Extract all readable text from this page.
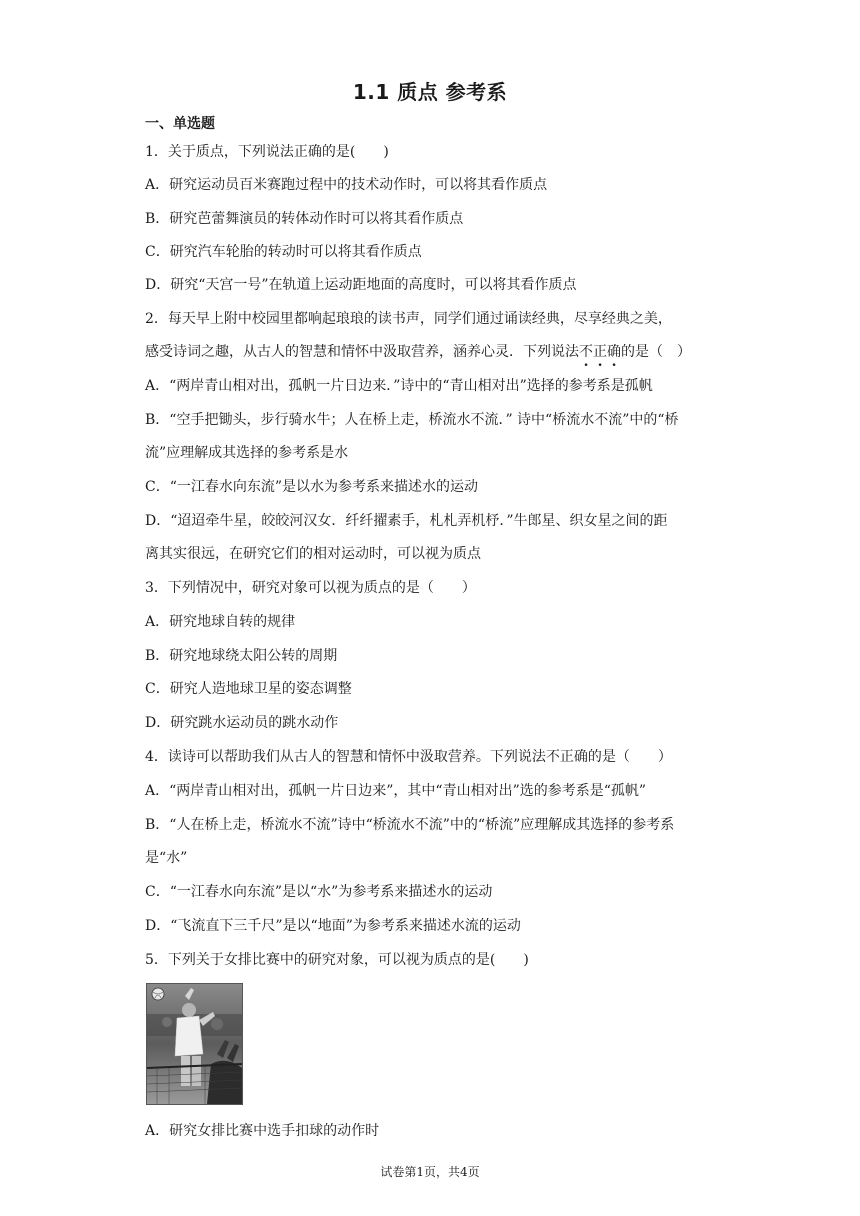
1.1 质点 参考系
一、单选题
1．关于质点，下列说法正确的是(　　)
A．研究运动员百米赛跑过程中的技术动作时，可以将其看作质点
B．研究芭蕾舞演员的转体动作时可以将其看作质点
C．研究汽车轮胎的转动时可以将其看作质点
D．研究“天宫一号”在轨道上运动距地面的高度时，可以将其看作质点
2．每天早上附中校园里都响起琅琅的读书声，同学们通过诵读经典，尽享经典之美，
感受诗词之趣，从古人的智慧和情怀中汲取营养，涵养心灵．下列说法不正确的是（　）
A．“两岸青山相对出，孤帆一片日边来．”诗中的“青山相对出”选择的参考系是孤帆
B．“空手把锄头，步行骑水牛；人在桥上走，桥流水不流．” 诗中“桥流水不流”中的“桥
流”应理解成其选择的参考系是水
C．“一江春水向东流”是以水为参考系来描述水的运动
D．“迢迢牵牛星，皎皎河汉女．纤纤擢素手，札札弄机杼．”牛郎星、织女星之间的距
离其实很远，在研究它们的相对运动时，可以视为质点
3．下列情况中，研究对象可以视为质点的是（　　）
A．研究地球自转的规律
B．研究地球绕太阳公转的周期
C．研究人造地球卫星的姿态调整
D．研究跳水运动员的跳水动作
4．读诗可以帮助我们从古人的智慧和情怀中汲取营养。下列说法不正确的是（　　）
A．“两岸青山相对出，孤帆一片日边来”，其中“青山相对出”选的参考系是“孤帆”
B．“人在桥上走，桥流水不流”诗中“桥流水不流”中的“桥流”应理解成其选择的参考系
是“水”
C．“一江春水向东流”是以“水”为参考系来描述水的运动
D．“飞流直下三千尺”是以“地面”为参考系来描述水流的运动
5．下列关于女排比赛中的研究对象，可以视为质点的是(　　)
A．研究女排比赛中选手扣球的动作时
试卷第1页，共4页
